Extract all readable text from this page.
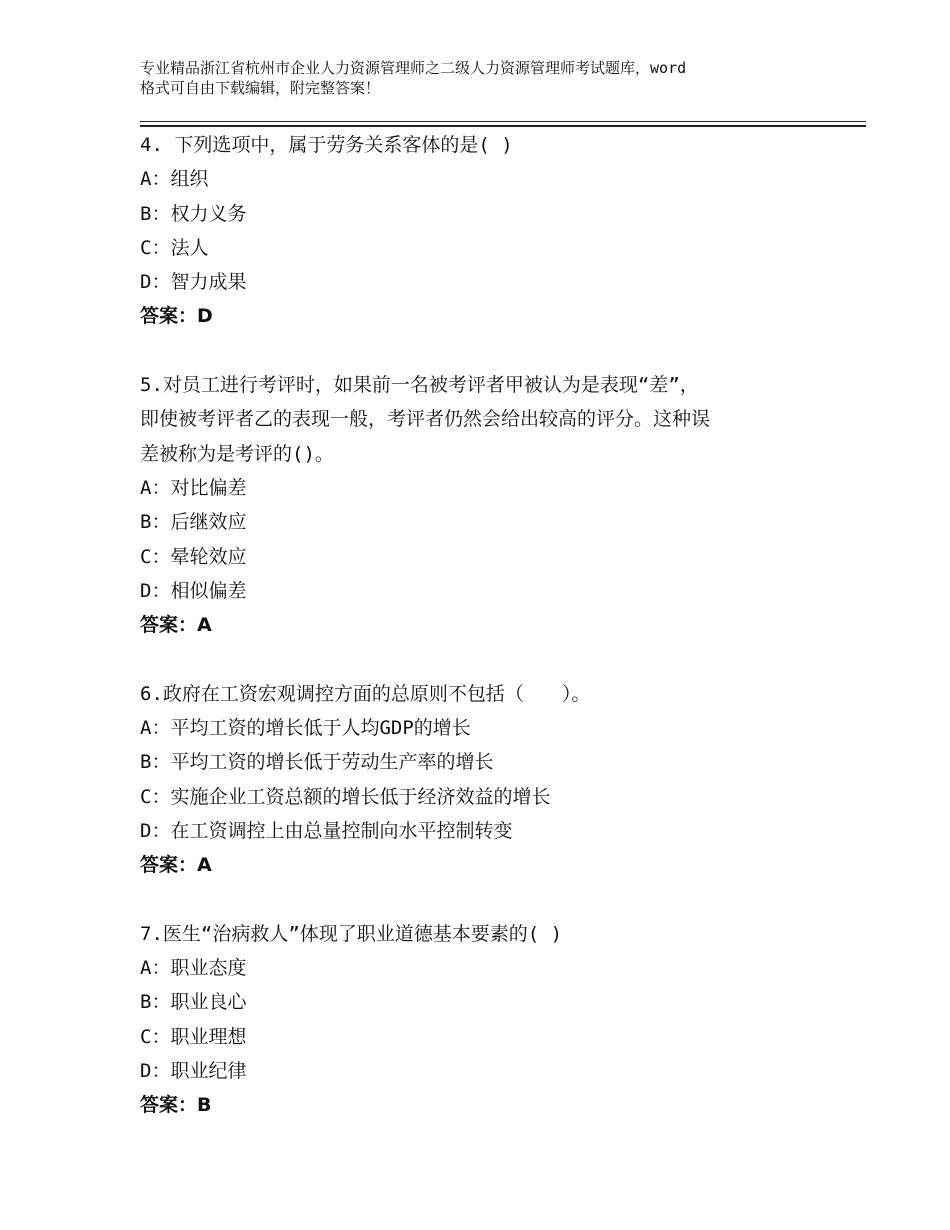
专业精品浙江省杭州市企业人力资源管理师之二级人力资源管理师考试题库，word
格式可自由下载编辑，附完整答案！
4. 下列选项中，属于劳务关系客体的是( )
A：组织
B：权力义务
C：法人
D：智力成果
答案：D
5.对员工进行考评时，如果前一名被考评者甲被认为是表现“差”，
即使被考评者乙的表现一般，考评者仍然会给出较高的评分。这种误
差被称为是考评的()。
A：对比偏差
B：后继效应
C：晕轮效应
D：相似偏差
答案：A
6.政府在工资宏观调控方面的总原则不包括（　　）。
A：平均工资的增长低于人均GDP的增长
B：平均工资的增长低于劳动生产率的增长
C：实施企业工资总额的增长低于经济效益的增长
D：在工资调控上由总量控制向水平控制转变
答案：A
7.医生“治病救人”体现了职业道德基本要素的( )
A：职业态度
B：职业良心
C：职业理想
D：职业纪律
答案：B
